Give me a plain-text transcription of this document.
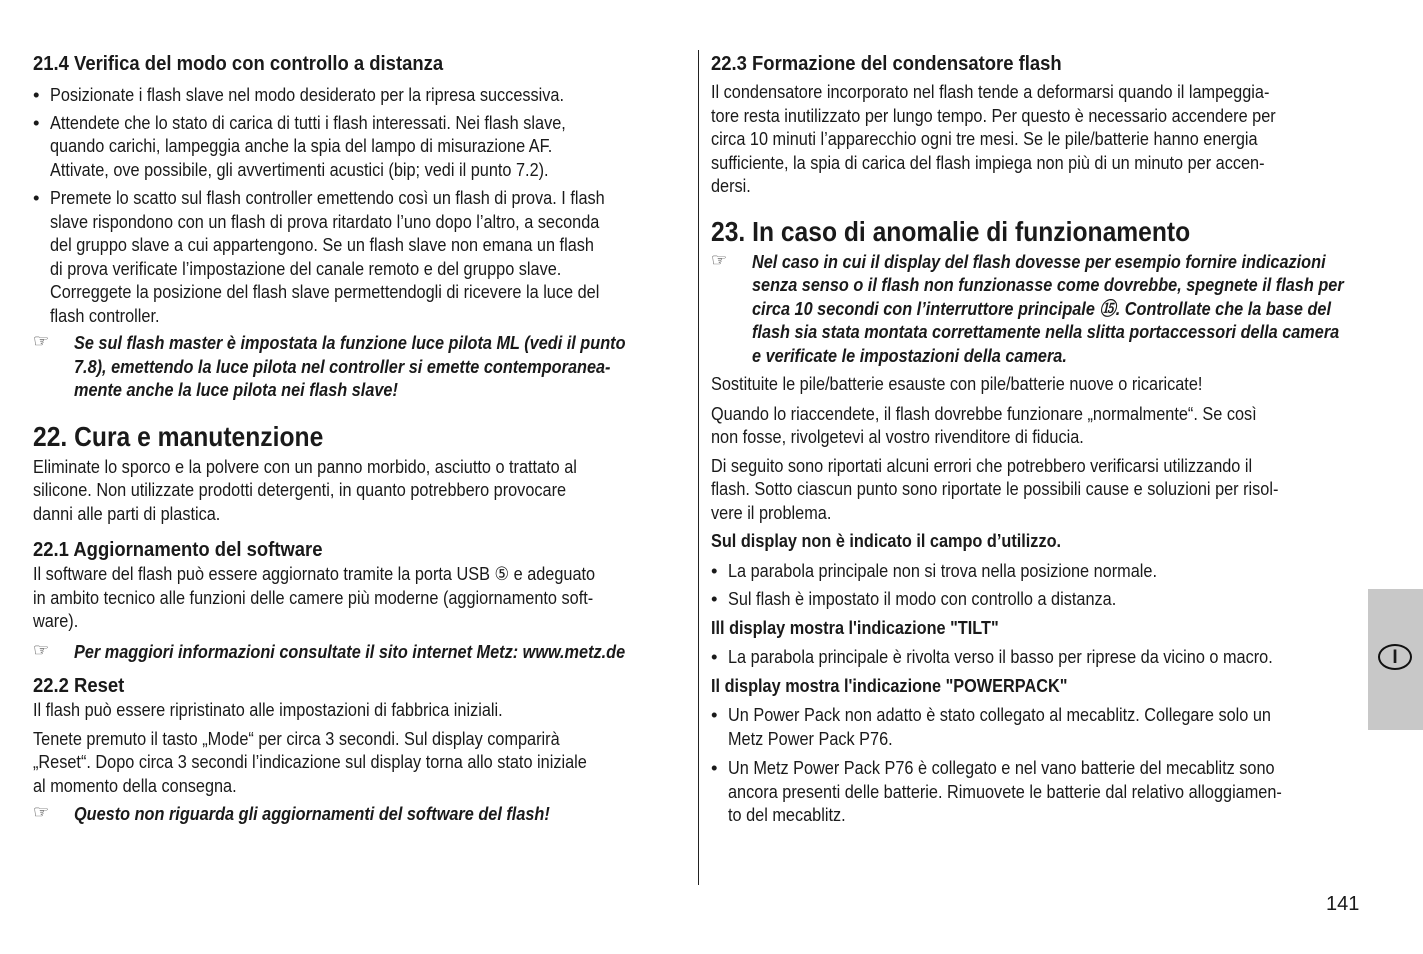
21.4 Verifica del modo con controllo a distanza
• Posizionate i flash slave nel modo desiderato per la ripresa successiva.
• Attendete che lo stato di carica di tutti i flash interessati. Nei flash slave,
quando carichi, lampeggia anche la spia del lampo di misurazione AF.
Attivate, ove possibile, gli avvertimenti acustici (bip; vedi il punto 7.2).
• Premete lo scatto sul flash controller emettendo così un flash di prova. I flash
slave rispondono con un flash di prova ritardato l’uno dopo l’altro, a seconda
del gruppo slave a cui appartengono. Se un flash slave non emana un flash
di prova verificate l’impostazione del canale remoto e del gruppo slave.
Correggete la posizione del flash slave permettendogli di ricevere la luce del
flash controller.
☞ Se sul flash master è impostata la funzione luce pilota ML (vedi il punto
7.8), emettendo la luce pilota nel controller si emette contemporanea-
mente anche la luce pilota nei flash slave!
22. Cura e manutenzione
Eliminate lo sporco e la polvere con un panno morbido, asciutto o trattato al
silicone. Non utilizzate prodotti detergenti, in quanto potrebbero provocare
danni alle parti di plastica.
22.1 Aggiornamento del software
Il software del flash può essere aggiornato tramite la porta USB ⑤ e adeguato
in ambito tecnico alle funzioni delle camere più moderne (aggiornamento soft-
ware).
☞ Per maggiori informazioni consultate il sito internet Metz: www.metz.de
22.2 Reset
Il flash può essere ripristinato alle impostazioni di fabbrica iniziali.
Tenete premuto il tasto „Mode“ per circa 3 secondi. Sul display comparirà
„Reset“. Dopo circa 3 secondi l’indicazione sul display torna allo stato iniziale
al momento della consegna.
☞ Questo non riguarda gli aggiornamenti del software del flash!
22.3 Formazione del condensatore flash
Il condensatore incorporato nel flash tende a deformarsi quando il lampeggia-
tore resta inutilizzato per lungo tempo. Per questo è necessario accendere per
circa 10 minuti l’apparecchio ogni tre mesi. Se le pile/batterie hanno energia
sufficiente, la spia di carica del flash impiega non più di un minuto per accen-
dersi.
23. In caso di anomalie di funzionamento
☞ Nel caso in cui il display del flash dovesse per esempio fornire indicazioni
senza senso o il flash non funzionasse come dovrebbe, spegnete il flash per
circa 10 secondi con l’interruttore principale ⑮. Controllate che la base del
flash sia stata montata correttamente nella slitta portaccessori della camera
e verificate le impostazioni della camera.
Sostituite le pile/batterie esauste con pile/batterie nuove o ricaricate!
Quando lo riaccendete, il flash dovrebbe funzionare „normalmente“. Se così
non fosse, rivolgetevi al vostro rivenditore di fiducia.
Di seguito sono riportati alcuni errori che potrebbero verificarsi utilizzando il
flash. Sotto ciascun punto sono riportate le possibili cause e soluzioni per risol-
vere il problema.
Sul display non è indicato il campo d’utilizzo.
• La parabola principale non si trova nella posizione normale.
• Sul flash è impostato il modo con controllo a distanza.
Ill display mostra l'indicazione "TILT"
• La parabola principale è rivolta verso il basso per riprese da vicino o macro.
Il display mostra l'indicazione "POWERPACK"
• Un Power Pack non adatto è stato collegato al mecablitz. Collegare solo un
Metz Power Pack P76.
• Un Metz Power Pack P76 è collegato e nel vano batterie del mecablitz sono
ancora presenti delle batterie. Rimuovete le batterie dal relativo alloggiamen-
to del mecablitz.
I
141
